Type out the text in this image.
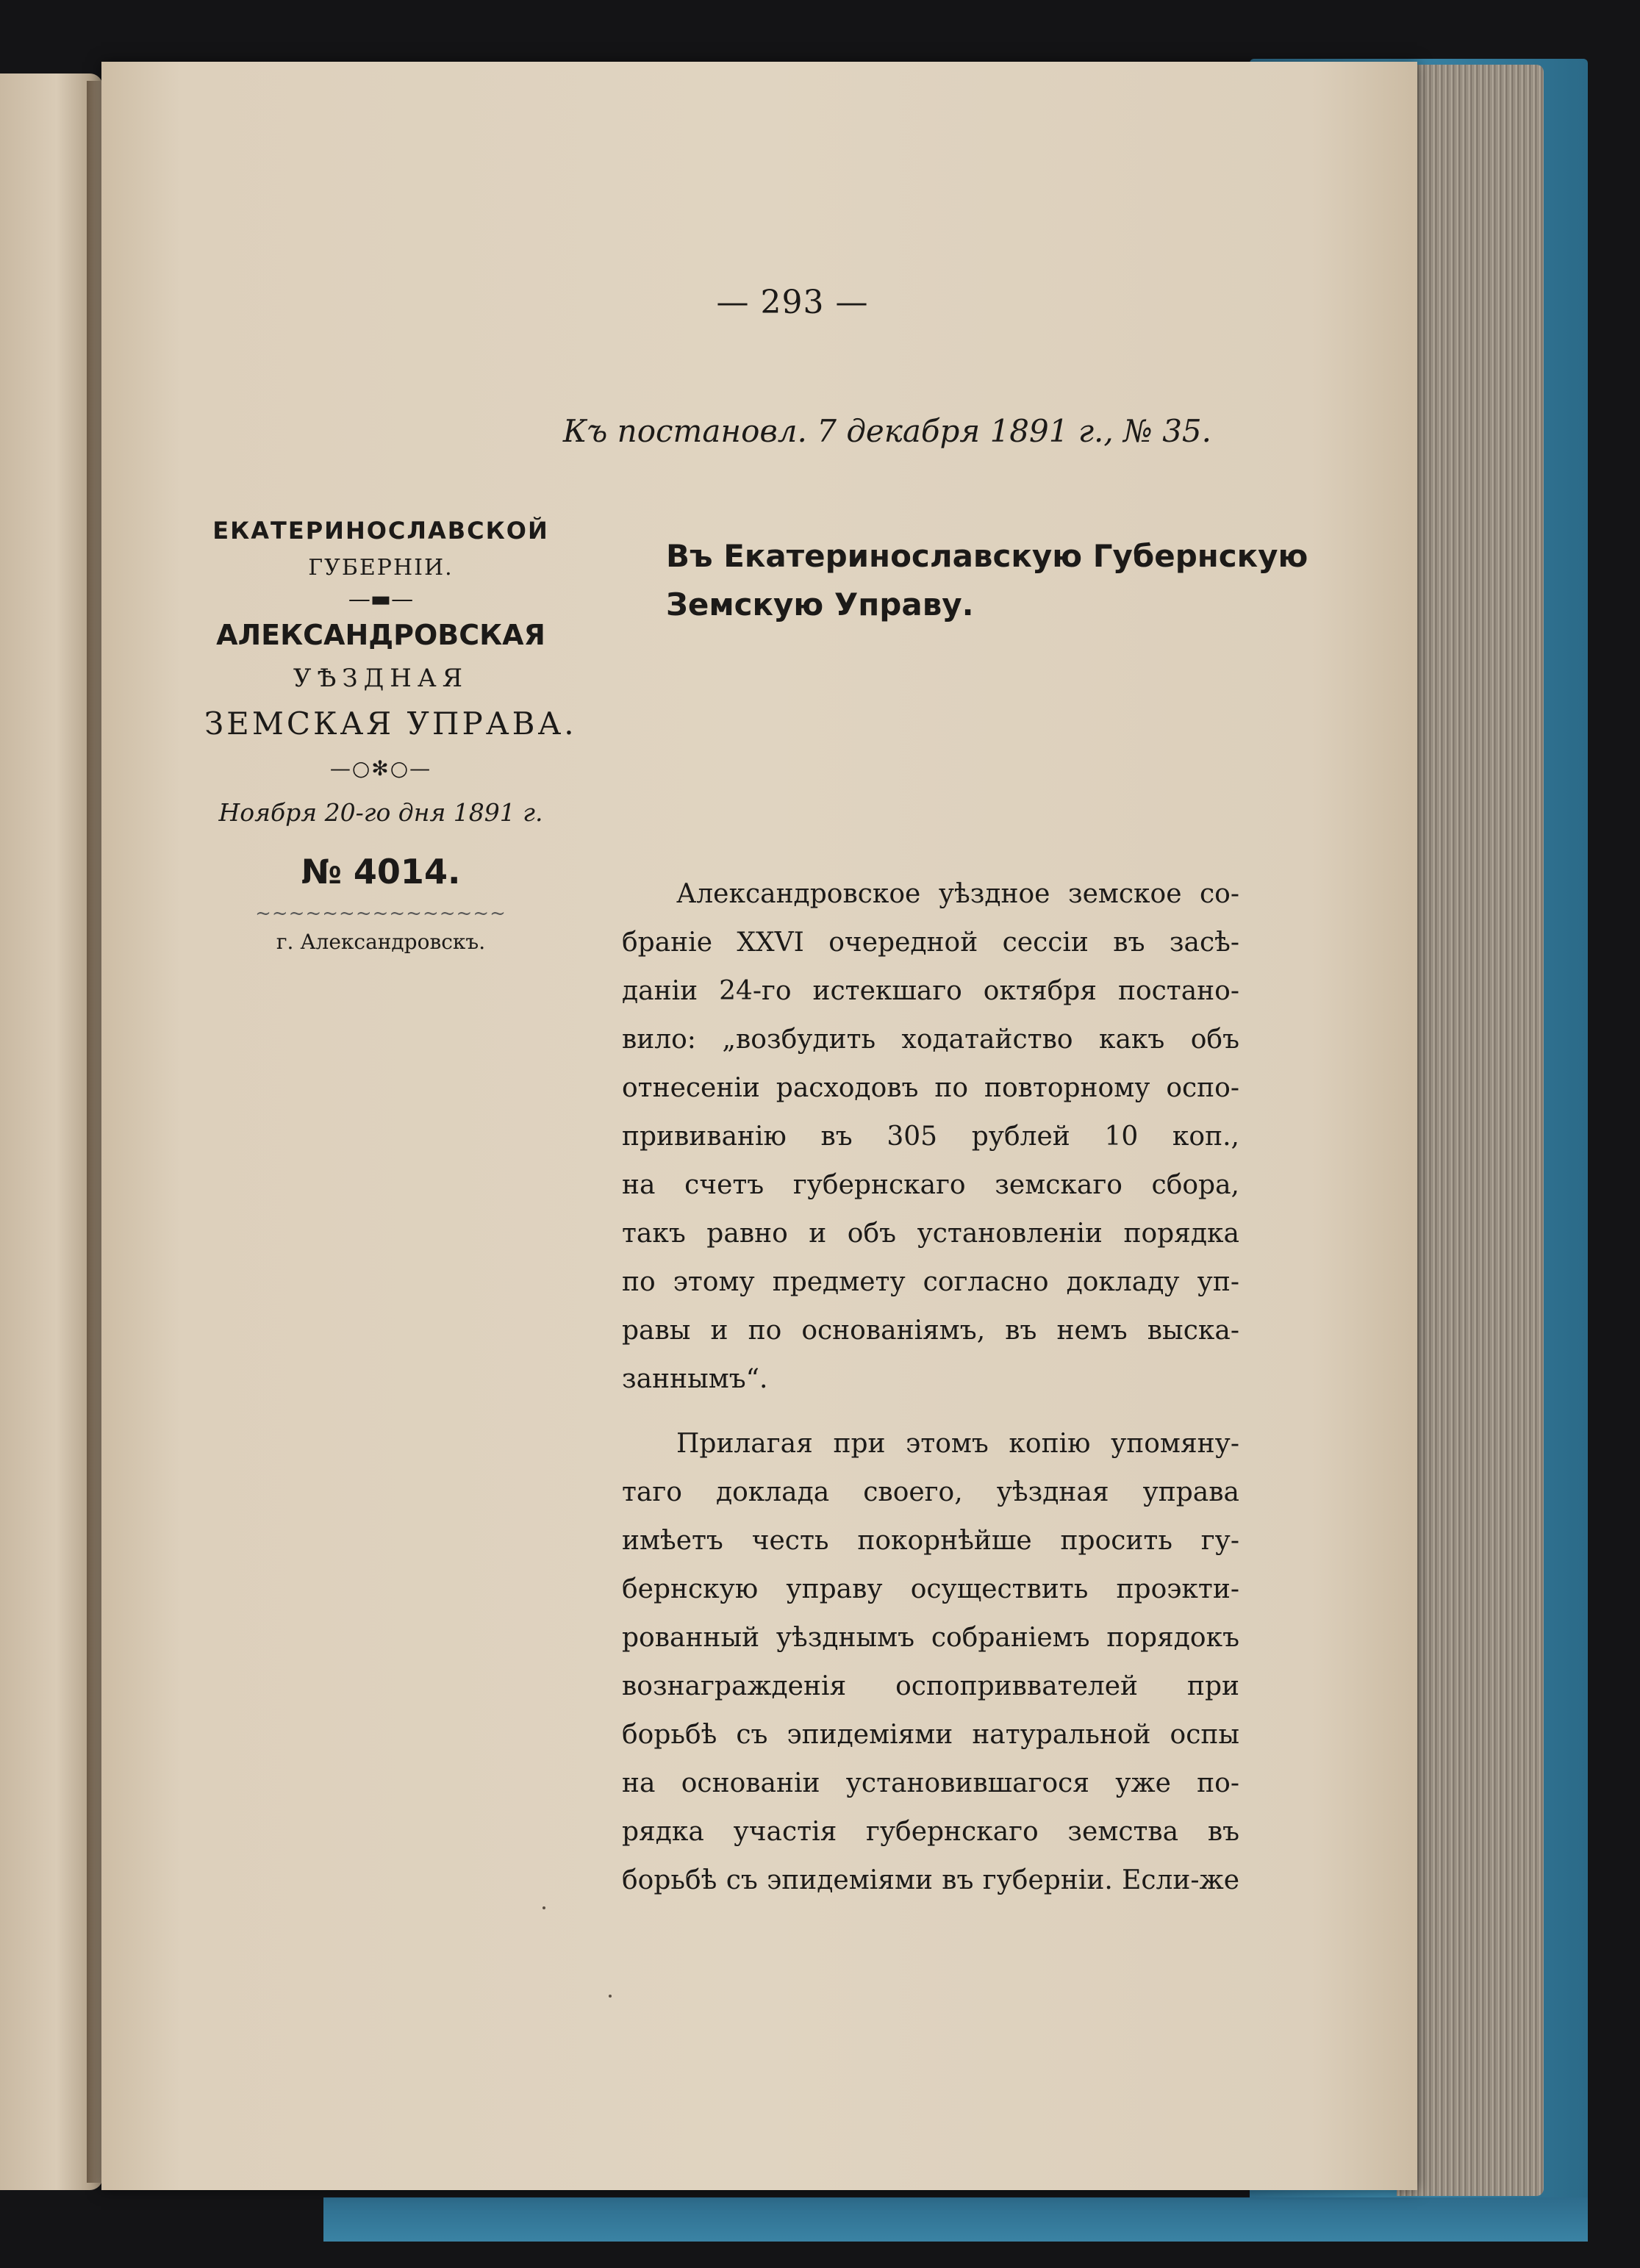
— 293 —
Къ постановл. 7 декабря 1891 г., № 35.
ЕКАТЕРИНОСЛАВСКОЙ
ГУБЕРНІИ.
—▬—
АЛЕКСАНДРОВСКАЯ
УѢЗДНАЯ
ЗЕМСКАЯ УПРАВА.
—○✻○—
Ноября 20-го дня 1891 г.
№ 4014.
~~~~~~~~~~~~~~~
г. Александровскъ.
Въ Екатеринославскую Губернскую
Земскую Управу.
Александровское уѣздное земское со-
браніе XXVI очередной сессіи въ засѣ-
даніи 24-го истекшаго октября постано-
вило: „возбудить ходатайство какъ объ
отнесеніи расходовъ по повторному оспо-
прививанію въ 305 рублей 10 коп.,
на счетъ губернскаго земскаго сбора,
такъ равно и объ установленіи порядка
по этому предмету согласно докладу уп-
равы и по основаніямъ, въ немъ выска-
заннымъ“.
Прилагая при этомъ копію упомяну-
таго доклада своего, уѣздная управа
имѣетъ честь покорнѣйше просить гу-
бернскую управу осуществить проэкти-
рованный уѣзднымъ собраніемъ порядокъ
вознагражденія оспоприввателей при
борьбѣ съ эпидеміями натуральной оспы
на основаніи установившагося уже по-
рядка участія губернскаго земства въ
борьбѣ съ эпидеміями въ губерніи. Если-же
